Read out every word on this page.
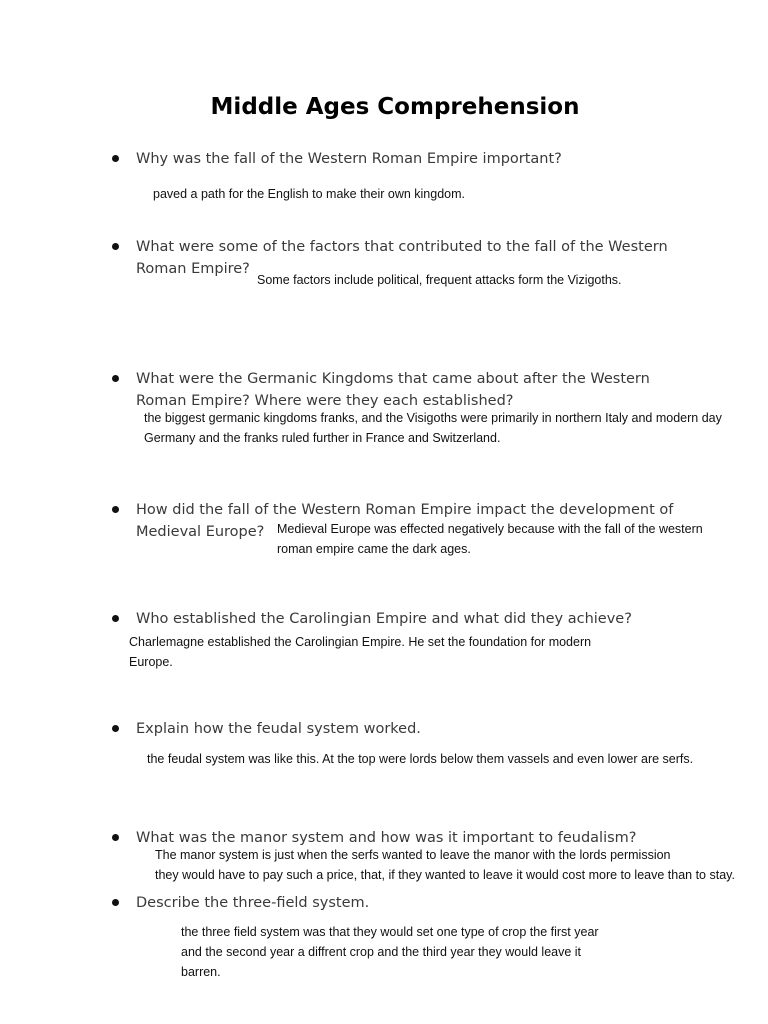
Middle Ages Comprehension
Why was the fall of the Western Roman Empire important?
paved a path for the English to make their own kingdom.
What were some of the factors that contributed to the fall of the Western
Roman Empire?
Some factors include political, frequent attacks form the Vizigoths.
What were the Germanic Kingdoms that came about after the Western
Roman Empire? Where were they each established?
the biggest germanic kingdoms franks, and the Visigoths were primarily in northern Italy and modern day
Germany and the franks ruled further in France and Switzerland.
How did the fall of the Western Roman Empire impact the development of
Medieval Europe?	Medieval Europe was effected negatively because with the fall of the western
roman empire came the dark ages.
Who established the Carolingian Empire and what did they achieve?
Charlemagne established the Carolingian Empire. He set the foundation for modern
Europe.
Explain how the feudal system worked.
the feudal system was like this. At the top were lords below them vassels and even lower are serfs.
What was the manor system and how was it important to feudalism?
The manor system is just when the serfs wanted to leave the manor with the lords permission
they would have to pay such a price, that, if they wanted to leave it would cost more to leave than to stay.
Describe the three-field system.
the three field system was that they would set one type of crop the first year
and the second year a diffrent crop and the third year they would leave it
barren.
